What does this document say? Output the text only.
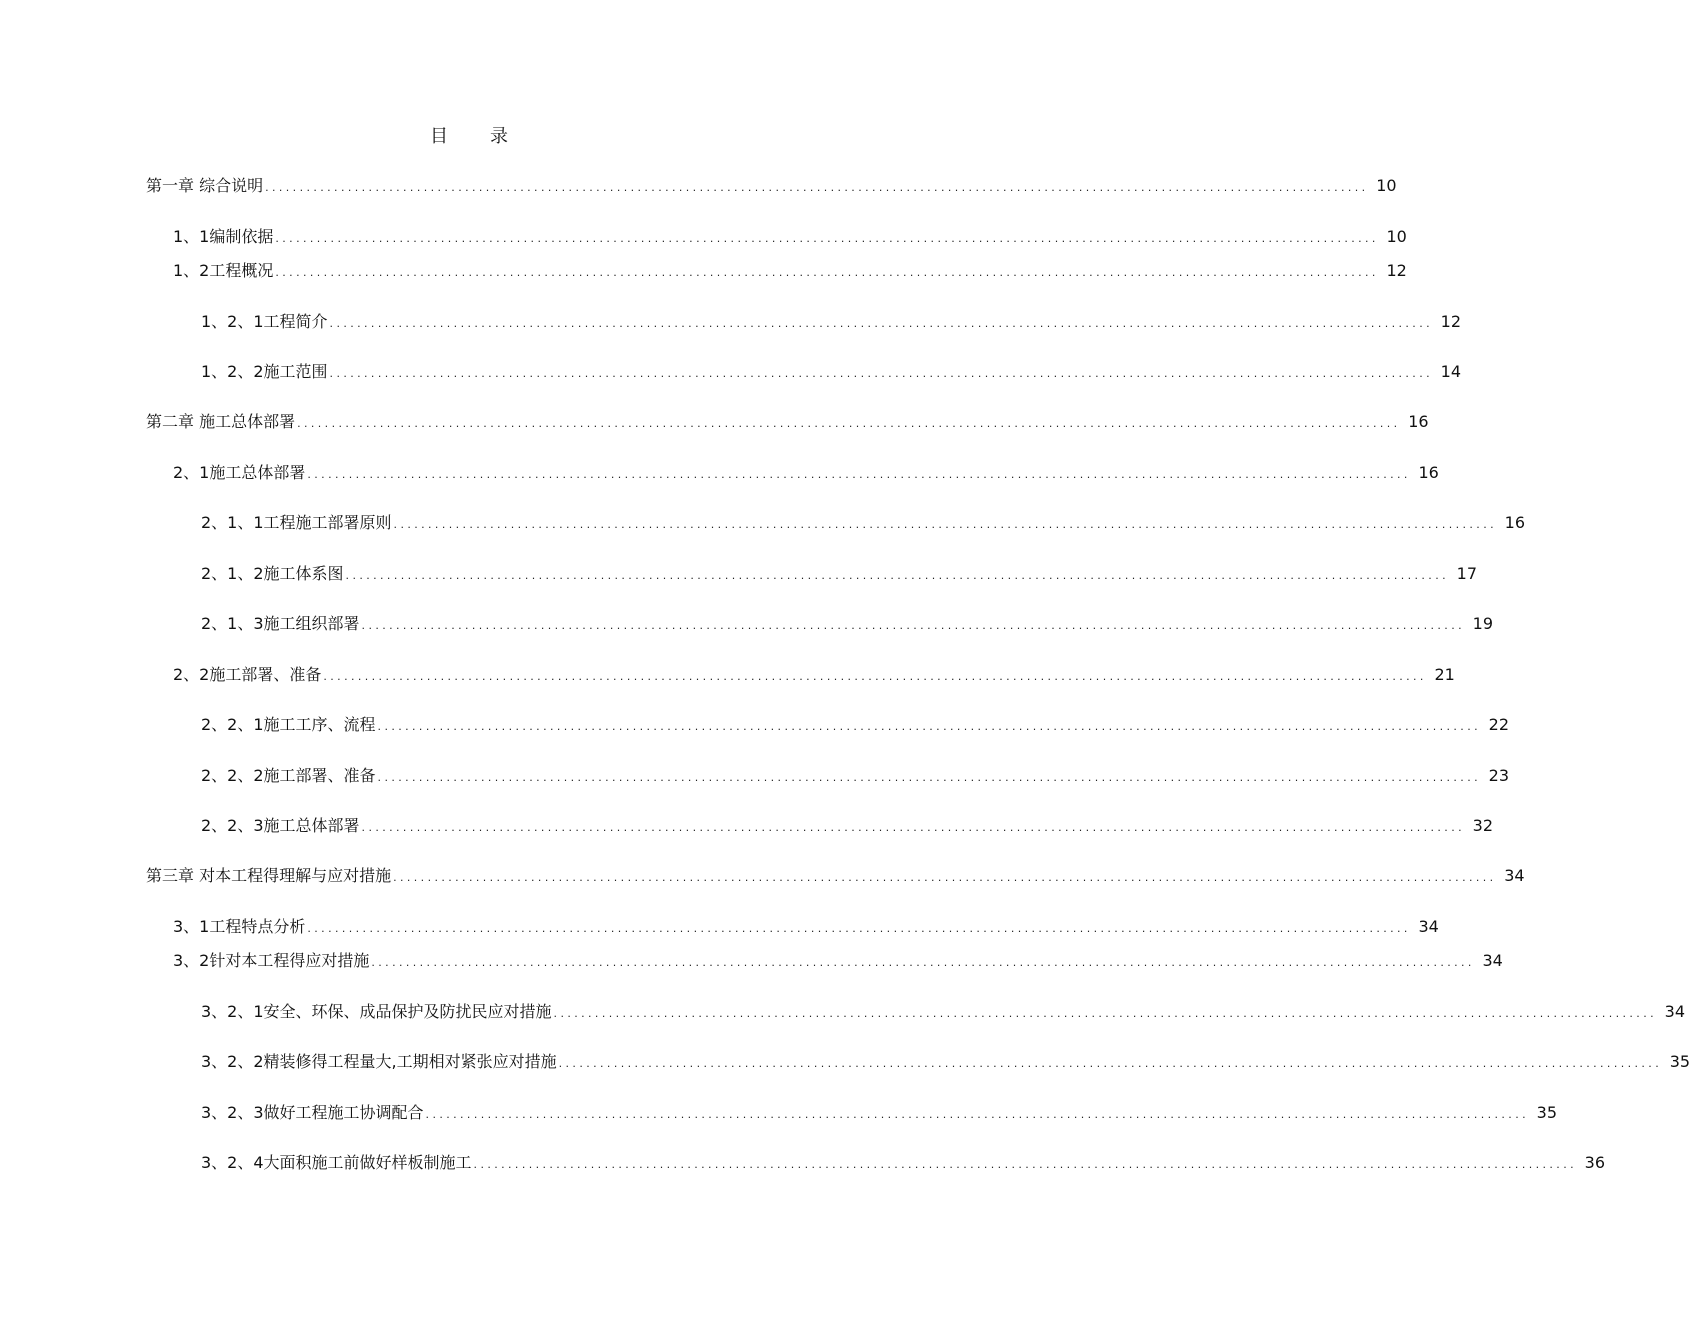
目　录
第一章 综合说明 ................................................................................................................................................................ 10
1、1编制依据 ................................................................................................................................................................ 10
1、2工程概况 ................................................................................................................................................................ 12
1、2、1工程简介 ................................................................................................................................................................ 12
1、2、2施工范围 ................................................................................................................................................................ 14
第二章 施工总体部署 ................................................................................................................................................................ 16
2、1施工总体部署 ................................................................................................................................................................ 16
2、1、1工程施工部署原则 ................................................................................................................................................................ 16
2、1、2施工体系图 ................................................................................................................................................................ 17
2、1、3施工组织部署 ................................................................................................................................................................ 19
2、2施工部署、准备 ................................................................................................................................................................ 21
2、2、1施工工序、流程 ................................................................................................................................................................ 22
2、2、2施工部署、准备 ................................................................................................................................................................ 23
2、2、3施工总体部署 ................................................................................................................................................................ 32
第三章 对本工程得理解与应对措施 ................................................................................................................................................................ 34
3、1工程特点分析 ................................................................................................................................................................ 34
3、2针对本工程得应对措施 ................................................................................................................................................................ 34
3、2、1安全、环保、成品保护及防扰民应对措施 ................................................................................................................................................................ 34
3、2、2精装修得工程量大,工期相对紧张应对措施 ................................................................................................................................................................ 35
3、2、3做好工程施工协调配合 ................................................................................................................................................................ 35
3、2、4大面积施工前做好样板制施工 ................................................................................................................................................................ 36
